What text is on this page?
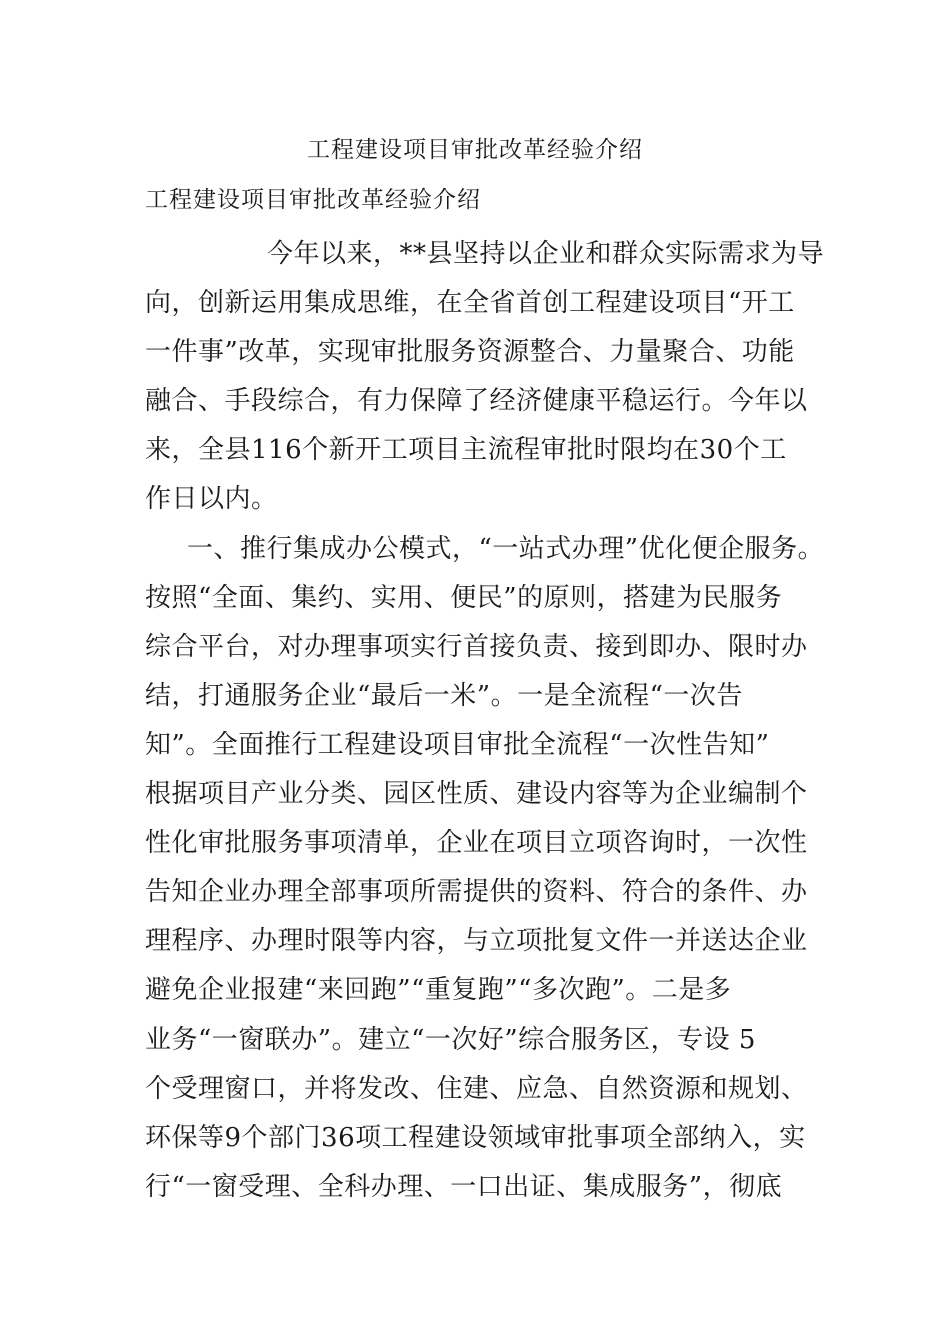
工程建设项目审批改革经验介绍
工程建设项目审批改革经验介绍
今年以来，**县坚持以企业和群众实际需求为导
向，创新运用集成思维，在全省首创工程建设项目“开工
一件事”改革，实现审批服务资源整合、力量聚合、功能
融合、手段综合，有力保障了经济健康平稳运行。今年以
来，全县116个新开工项目主流程审批时限均在30个工
作日以内。
一、推行集成办公模式，“一站式办理”优化便企服务。
按照“全面、集约、实用、便民”的原则，搭建为民服务
综合平台，对办理事项实行首接负责、接到即办、限时办
结，打通服务企业“最后一米”。一是全流程“一次告
知”。全面推行工程建设项目审批全流程“一次性告知”
根据项目产业分类、园区性质、建设内容等为企业编制个
性化审批服务事项清单，企业在项目立项咨询时，一次性
告知企业办理全部事项所需提供的资料、符合的条件、办
理程序、办理时限等内容，与立项批复文件一并送达企业
避免企业报建“来回跑”“重复跑”“多次跑”。二是多
业务“一窗联办”。建立“一次好”综合服务区，专设 5
个受理窗口，并将发改、住建、应急、自然资源和规划、
环保等9个部门36项工程建设领域审批事项全部纳入，实
行“一窗受理、全科办理、一口出证、集成服务”，彻底
